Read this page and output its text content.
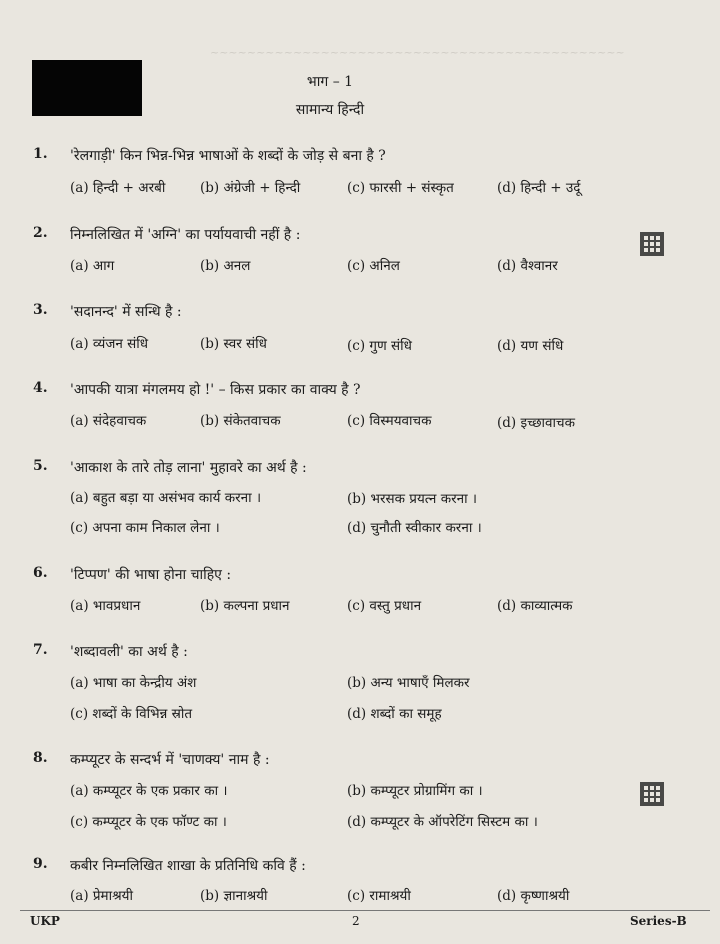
~~~~~~~~~~~~~~~~~~~~~~~~~~~~~~~~~~~~~~~~~~~~~
भाग – 1
सामान्य हिन्दी
1. 'रेलगाड़ी' किन भिन्न-भिन्न भाषाओं के शब्दों के जोड़ से बना है ?
(a) हिन्दी + अरबी	(b) अंग्रेजी + हिन्दी	(c) फारसी + संस्कृत	(d) हिन्दी + उर्दू
2. निम्नलिखित में 'अग्नि' का पर्यायवाची नहीं है :
(a) आग	(b) अनल	(c) अनिल	(d) वैश्वानर
3. 'सदानन्द' में सन्धि है :
(a) व्यंजन संधि	(b) स्वर संधि	(c) गुण संधि	(d) यण संधि
4. 'आपकी यात्रा मंगलमय हो !' – किस प्रकार का वाक्य है ?
(a) संदेहवाचक	(b) संकेतवाचक	(c) विस्मयवाचक	(d) इच्छावाचक
5. 'आकाश के तारे तोड़ लाना' मुहावरे का अर्थ है :
(a) बहुत बड़ा या असंभव कार्य करना ।	(b) भरसक प्रयत्न करना ।
(c) अपना काम निकाल लेना ।	(d) चुनौती स्वीकार करना ।
6. 'टिप्पण' की भाषा होना चाहिए :
(a) भावप्रधान	(b) कल्पना प्रधान	(c) वस्तु प्रधान	(d) काव्यात्मक
7. 'शब्दावली' का अर्थ है :
(a) भाषा का केन्द्रीय अंश	(b) अन्य भाषाएँ मिलकर
(c) शब्दों के विभिन्न स्रोत	(d) शब्दों का समूह
8. कम्प्यूटर के सन्दर्भ में 'चाणक्य' नाम है :
(a) कम्प्यूटर के एक प्रकार का ।	(b) कम्प्यूटर प्रोग्रामिंग का ।
(c) कम्प्यूटर के एक फॉण्ट का ।	(d) कम्प्यूटर के ऑपरेटिंग सिस्टम का ।
9. कबीर निम्नलिखित शाखा के प्रतिनिधि कवि हैं :
(a) प्रेमाश्रयी	(b) ज्ञानाश्रयी	(c) रामाश्रयी	(d) कृष्णाश्रयी
UKP	2	Series-B
